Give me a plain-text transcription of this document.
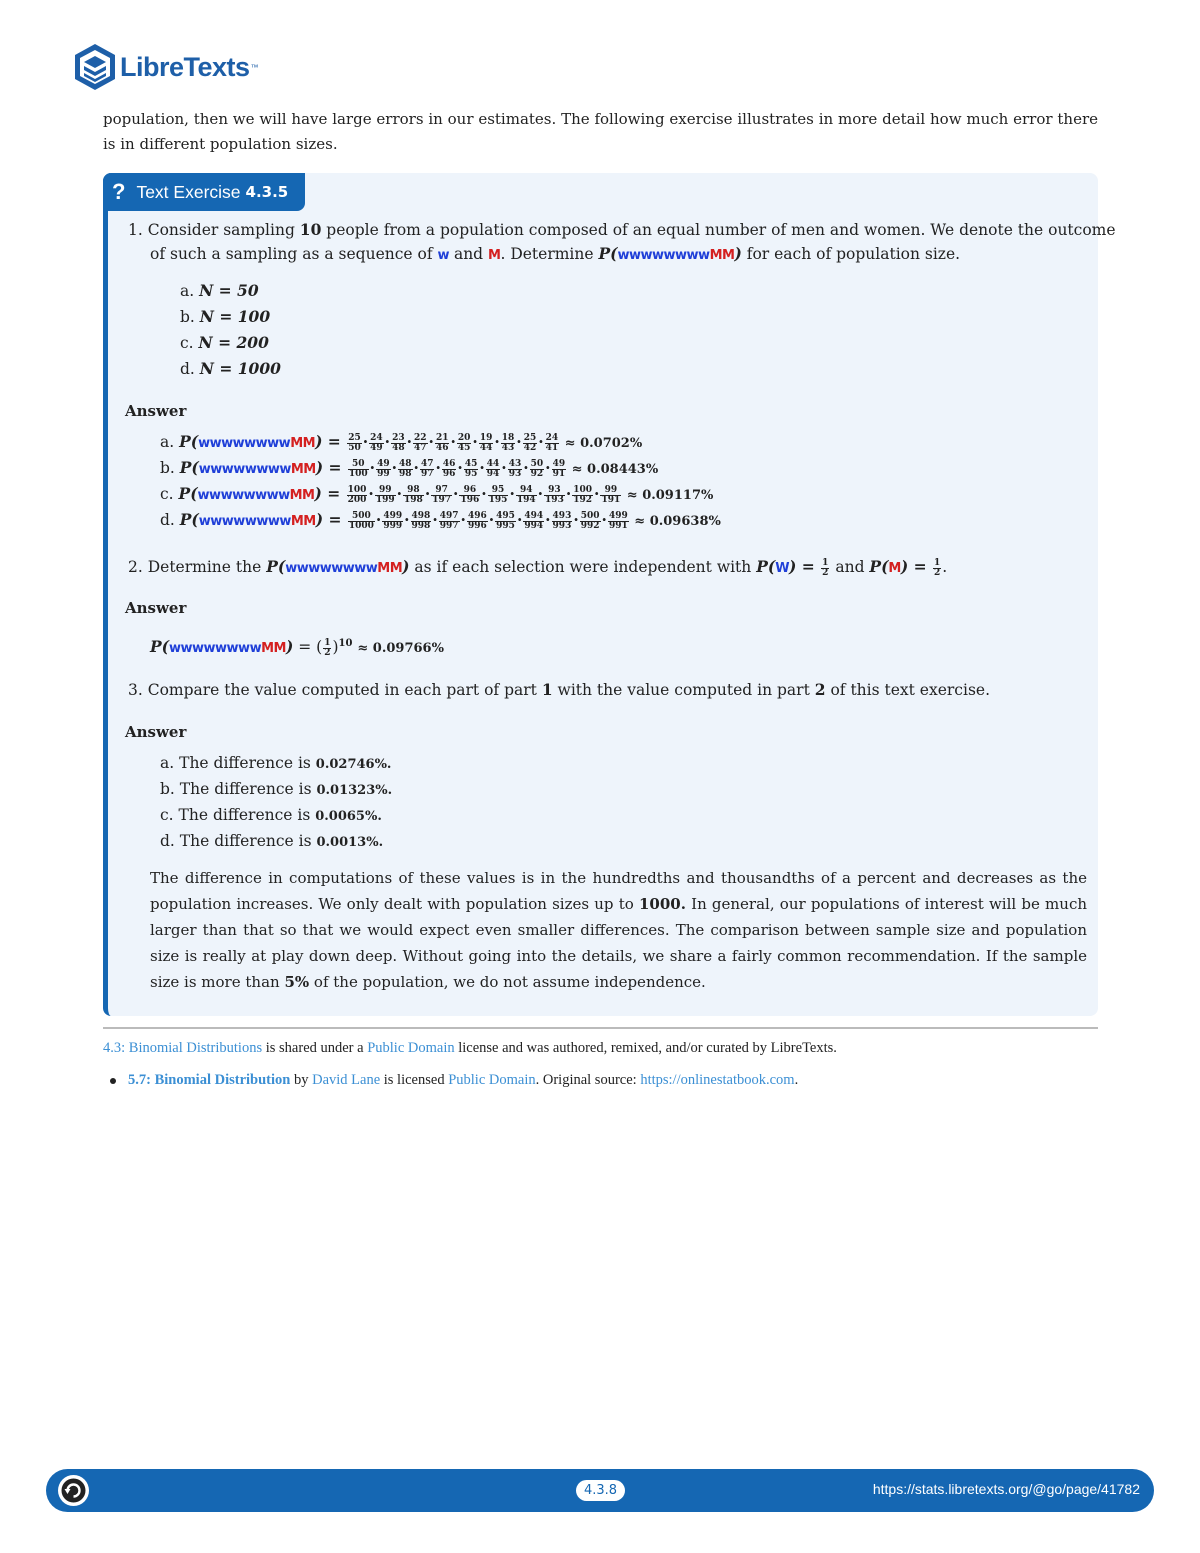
LibreTexts ™
population, then we will have large errors in our estimates. The following exercise illustrates in more detail how much error there is in different population sizes.
? Text Exercise 4.3.5
1. Consider sampling 10 people from a population composed of an equal number of men and women. We denote the outcome
of such a sampling as a sequence of w and M. Determine P(wwwwwwwwMM) for each of population size.
a. N = 50
b. N = 100
c. N = 200
d. N = 1000
Answer
a. P(wwwwwwwwMM) = $\frac{25}{50} \cdot \frac{24}{49} \cdot \frac{23}{48} \cdot \frac{22}{47} \cdot \frac{21}{46} \cdot \frac{20}{45} \cdot \frac{19}{44} \cdot \frac{18}{43} \cdot \frac{25}{42} \cdot \frac{24}{41} \approx 0.0702\%$
b. P(wwwwwwwwMM) = $\frac{50}{100} \cdot \frac{49}{99} \cdot \frac{48}{98} \cdot \frac{47}{97} \cdot \frac{46}{96} \cdot \frac{45}{95} \cdot \frac{44}{94} \cdot \frac{43}{93} \cdot \frac{50}{92} \cdot \frac{49}{91} \approx 0.08443\%$
c. P(wwwwwwwwMM) = $\frac{100}{200} \cdot \frac{99}{199} \cdot \frac{98}{198} \cdot \frac{97}{197} \cdot \frac{96}{196} \cdot \frac{95}{195} \cdot \frac{94}{194} \cdot \frac{93}{193} \cdot \frac{100}{192} \cdot \frac{99}{191} \approx 0.09117\%$
d. P(wwwwwwwwMM) = $\frac{500}{1000} \cdot \frac{499}{999} \cdot \frac{498}{998} \cdot \frac{497}{997} \cdot \frac{496}{996} \cdot \frac{495}{995} \cdot \frac{494}{994} \cdot \frac{493}{993} \cdot \frac{500}{992} \cdot \frac{499}{991} \approx 0.09638\%$
2. Determine the P(wwwwwwwwMM) as if each selection were independent with $P(W) = \frac{1}{2}$ and $P(M) = \frac{1}{2}$ .
Answer
P(wwwwwwwwMM) = ( $\frac{1}{2} )^{10} \approx 0.09766\%$
3. Compare the value computed in each part of part 1 with the value computed in part 2 of this text exercise.
Answer
a. The difference is 0.02746%.
b. The difference is 0.01323%.
c. The difference is 0.0065%.
d. The difference is 0.0013%.
The difference in computations of these values is in the hundredths and thousandths of a percent and decreases as the population increases. We only dealt with population sizes up to 1000. In general, our populations of interest will be much larger than that so that we would expect even smaller differences. The comparison between sample size and population size is really at play down deep. Without going into the details, we share a fairly common recommendation. If the sample size is more than 5% of the population, we do not assume independence.
4.3: Binomial Distributions is shared under a Public Domain license and was authored, remixed, and/or curated by LibreTexts.
5.7: Binomial Distribution by David Lane is licensed Public Domain. Original source: https://onlinestatbook.com.
4.3.8	https://stats.libretexts.org/@go/page/41782
